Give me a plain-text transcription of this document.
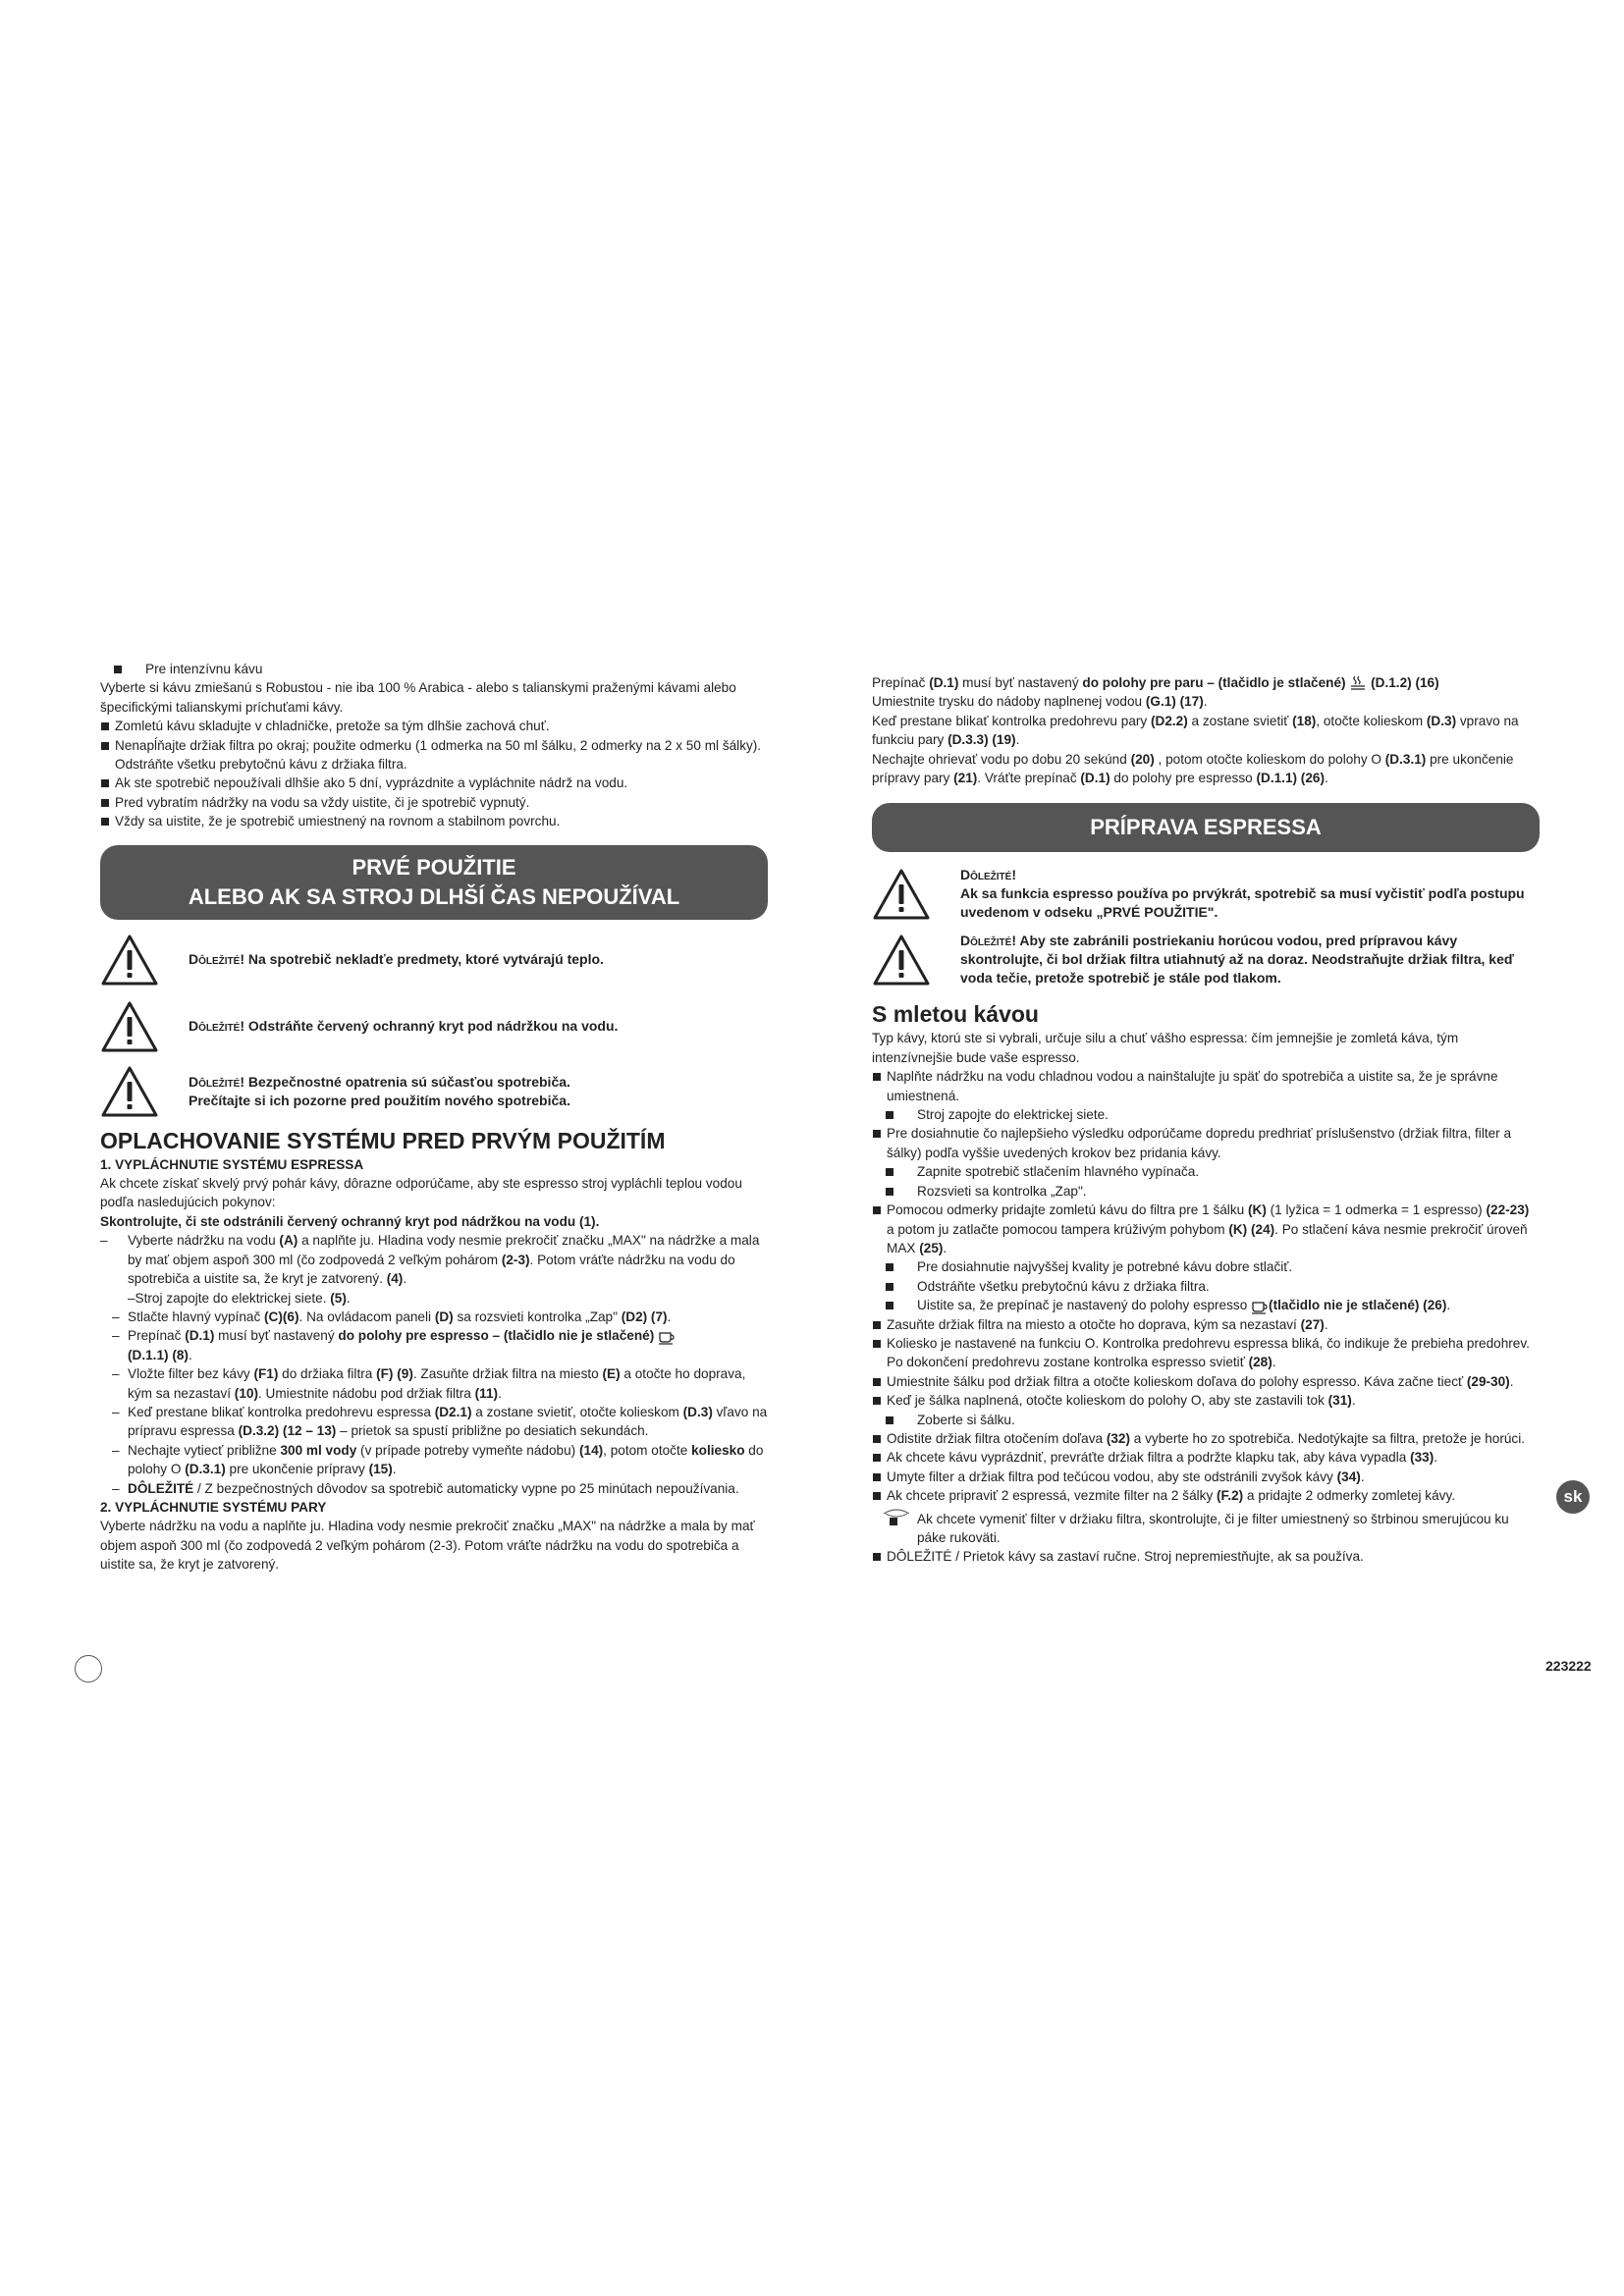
Pre intenzívnu kávu

Vyberte si kávu zmiešanú s Robustou - nie iba 100 % Arabica - alebo s talianskymi praženými kávami alebo špecifickými talianskymi príchuťami kávy.

Zomletú kávu skladujte v chladničke, pretože sa tým dlhšie zachová chuť.
Nenapĺňajte držiak filtra po okraj; použite odmerku (1 odmerka na 50 ml šálku, 2 odmerky na 2 x 50 ml šálky). Odstráňte všetku prebytočnú kávu z držiaka filtra.
Ak ste spotrebič nepoužívali dlhšie ako 5 dní, vyprázdnite a vypláchnite nádrž na vodu.
Pred vybratím nádržky na vodu sa vždy uistite, či je spotrebič vypnutý.
Vždy sa uistite, že je spotrebič umiestnený na rovnom a stabilnom povrchu.
PRVÉ POUŽITIE
ALEBO AK SA STROJ DLHŠÍ ČAS NEPOUŽÍVAL
Dôležité! Na spotrebič nekladťe predmety, ktoré vytvárajú teplo.
Dôležité! Odstráňte červený ochranný kryt pod nádržkou na vodu.
Dôležité! Bezpečnostné opatrenia sú súčasťou spotrebiča.
Prečítajte si ich pozorne pred použitím nového spotrebiča.
OPLACHOVANIE SYSTÉMU PRED PRVÝM POUŽITÍM
1. VYPLÁCHNUTIE SYSTÉMU ESPRESSA

Ak chcete získať skvelý prvý pohár kávy, dôrazne odporúčame, aby ste espresso stroj vypláchli teplou vodou podľa nasledujúcich pokynov:

Skontrolujte, či ste odstránili červený ochranný kryt pod nádržkou na vodu (1).

– Vyberte nádržku na vodu (A) a naplňte ju. Hladina vody nesmie prekročiť značku „MAX" na nádržke a mala by mať objem aspoň 300 ml (čo zodpovedá 2 veľkým pohárom (2-3). Potom vráťte nádržku na vodu do spotrebiča a uistite sa, že kryt je zatvorený. (4).
–Stroj zapojte do elektrickej siete. (5).
– Stlačte hlavný vypínač (C)(6). Na ovládacom paneli (D) sa rozsvieti kontrolka „Zap" (D2) (7).
– Prepínač (D.1) musí byť nastavený do polohy pre espresso – (tlačidlo nie je stlačené)
(D.1.1) (8).
– Vložte filter bez kávy (F1) do držiaka filtra (F) (9). Zasuňte držiak filtra na miesto (E) a otočte ho doprava, kým sa nezastaví (10). Umiestnite nádobu pod držiak filtra (11).
– Keď prestane blikať kontrolka predohrevu espressa (D2.1) a zostane svietiť, otočte kolieskom (D.3) vľavo na prípravu espressa (D.3.2) (12 – 13) – prietok sa spustí približne po desiatich sekundách.
– Nechajte vytiecť približne 300 ml vody (v prípade potreby vymeňte nádobu) (14), potom otočte koliesko do polohy O (D.3.1) pre ukončenie prípravy (15).
– DÔLEŽITÉ / Z bezpečnostných dôvodov sa spotrebič automaticky vypne po 25 minútach nepoužívania.
2. VYPLÁCHNUTIE SYSTÉMU PARY

Vyberte nádržku na vodu a naplňte ju. Hladina vody nesmie prekročiť značku „MAX" na nádržke a mala by mať objem aspoň 300 ml (čo zodpovedá 2 veľkým pohárom (2-3). Potom vráťte nádržku na vodu do spotrebiča a uistite sa, že kryt je zatvorený.

Prepínač (D.1) musí byť nastavený do polohy pre paru – (tlačidlo je stlačené) (D.1.2) (16)
Umiestnite trysku do nádoby naplnenej vodou (G.1) (17).
Keď prestane blikať kontrolka predohrevu pary (D2.2) a zostane svietiť (18), otočte kolieskom (D.3) vpravo na funkciu pary (D.3.3) (19).
Nechajte ohrievať vodu po dobu 20 sekúnd (20) , potom otočte kolieskom do polohy O (D.3.1) pre ukončenie prípravy pary (21). Vráťte prepínač (D.1) do polohy pre espresso (D.1.1) (26).
PRÍPRAVA ESPRESSA
Dôležité!
Ak sa funkcia espresso používa po prvýkrát, spotrebič sa musí vyčistiť podľa postupu uvedenom v odseku „PRVÉ POUŽITIE".
Dôležité! Aby ste zabránili postriekaniu horúcou vodou, pred prípravou kávy skontrolujte, či bol držiak filtra utiahnutý až na doraz. Neodstraňujte držiak filtra, keď voda tečie, pretože spotrebič je stále pod tlakom.
S mletou kávou

Typ kávy, ktorú ste si vybrali, určuje silu a chuť vášho espressa: čím jemnejšie je zomletá káva, tým intenzívnejšie bude vaše espresso.

Naplňte nádržku na vodu chladnou vodou a nainštalujte ju späť do spotrebiča a uistite sa, že je správne umiestnená.
Stroj zapojte do elektrickej siete.
Pre dosiahnutie čo najlepšieho výsledku odporúčame dopredu predhriať príslušenstvo (držiak filtra, filter a šálky) podľa vyššie uvedených krokov bez pridania kávy.
Zapnite spotrebič stlačením hlavného vypínača.
Rozsvieti sa kontrolka „Zap".
Pomocou odmerky pridajte zomletú kávu do filtra pre 1 šálku (K) (1 lyžica = 1 odmerka = 1 espresso) (22-23) a potom ju zatlačte pomocou tampera krúživým pohybom (K) (24). Po stlačení káva nesmie prekročiť úroveň MAX (25).
Pre dosiahnutie najvyššej kvality je potrebné kávu dobre stlačiť.
Odstráňte všetku prebytočnú kávu z držiaka filtra.
Uistite sa, že prepínač je nastavený do polohy espresso (tlačidlo nie je stlačené) (26).
Zasuňte držiak filtra na miesto a otočte ho doprava, kým sa nezastaví (27).
Koliesko je nastavené na funkciu O. Kontrolka predohrevu espressa bliká, čo indikuje že prebieha predohrev. Po dokončení predohrevu zostane kontrolka espresso svietiť (28).
Umiestnite šálku pod držiak filtra a otočte kolieskom doľava do polohy espresso. Káva začne tiecť (29-30).
Keď je šálka naplnená, otočte kolieskom do polohy O, aby ste zastavili tok (31).
Zoberte si šálku.
Odistite držiak filtra otočením doľava (32) a vyberte ho zo spotrebiča. Nedotýkajte sa filtra, pretože je horúci.
Ak chcete kávu vyprázdniť, prevráťte držiak filtra a podržte klapku tak, aby káva vypadla (33).
Umyte filter a držiak filtra pod tečúcou vodou, aby ste odstránili zvyšok kávy (34).
Ak chcete pripraviť 2 espressá, vezmite filter na 2 šálky (F.2) a pridajte 2 odmerky zomletej kávy.
Ak chcete vymeniť filter v držiaku filtra, skontrolujte, či je filter umiestnený so štrbinou smerujúcou ku páke rukoväti.
DÔLEŽITÉ / Prietok kávy sa zastaví ručne. Stroj nepremiestňujte, ak sa používa.
sk
223222
